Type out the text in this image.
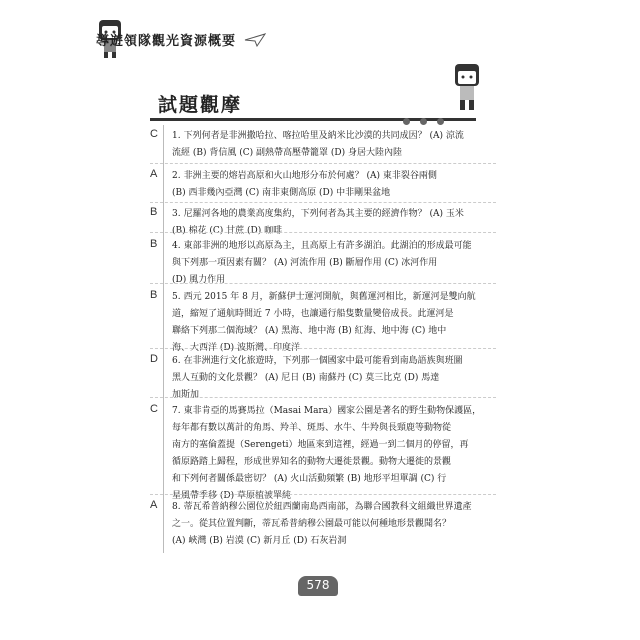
導遊領隊觀光資源概要
試題觀摩
C 1. 下列何者是非洲撒哈拉、喀拉哈里及納米比沙漠的共同成因？ (A) 涼流
流經 (B) 背信風 (C) 副熱帶高壓帶籠罩 (D) 身居大陸內陸
A 2. 非洲主要的熔岩高原和火山地形分布於何處？ (A) 東非裂谷兩側
(B) 西非幾內亞灣 (C) 南非東側高原 (D) 中非剛果盆地
B 3. 尼羅河各地的農業高度集約，下列何者為其主要的經濟作物？ (A) 玉米
(B) 棉花 (C) 甘蔗 (D) 咖啡
B 4. 東部非洲的地形以高原為主，且高原上有許多湖泊。此湖泊的形成最可能
與下列那一項因素有關？ (A) 河流作用 (B) 斷層作用 (C) 冰河作用
(D) 風力作用
B 5. 西元 2015 年 8 月，新蘇伊士運河開航，與舊運河相比，新運河是雙向航
道，縮短了通航時間近 7 小時，也讓通行船隻數量變倍成長。此運河是
聯絡下列那二個海域？ (A) 黑海、地中海 (B) 紅海、地中海 (C) 地中
海、大西洋 (D) 波斯灣、印度洋
D 6. 在非洲進行文化旅遊時，下列那一個國家中最可能看到南島語族與班圖
黑人互動的文化景觀？ (A) 尼日 (B) 南蘇丹 (C) 莫三比克 (D) 馬達
加斯加
C 7. 東非肯亞的馬賽馬拉（Masai Mara）國家公園是著名的野生動物保護區，
每年都有數以萬計的角馬、羚羊、斑馬、水牛、牛羚與長頸鹿等動物從
南方的塞倫蓋提（Serengeti）地區來到這裡，經過一到二個月的停留，再
循原路踏上歸程，形成世界知名的動物大遷徙景觀。動物大遷徙的景觀
和下列何者關係最密切？ (A) 火山活動頻繁 (B) 地形平坦單調 (C) 行
星風帶季移 (D) 草原植被單純
A 8. 蒂瓦希普納穆公園位於紐西蘭南島西南部，為聯合國教科文組織世界遺產
之一。從其位置判斷，蒂瓦希普納穆公園最可能以何種地形景觀聞名？
(A) 峽灣 (B) 岩漠 (C) 新月丘 (D) 石灰岩洞
578
